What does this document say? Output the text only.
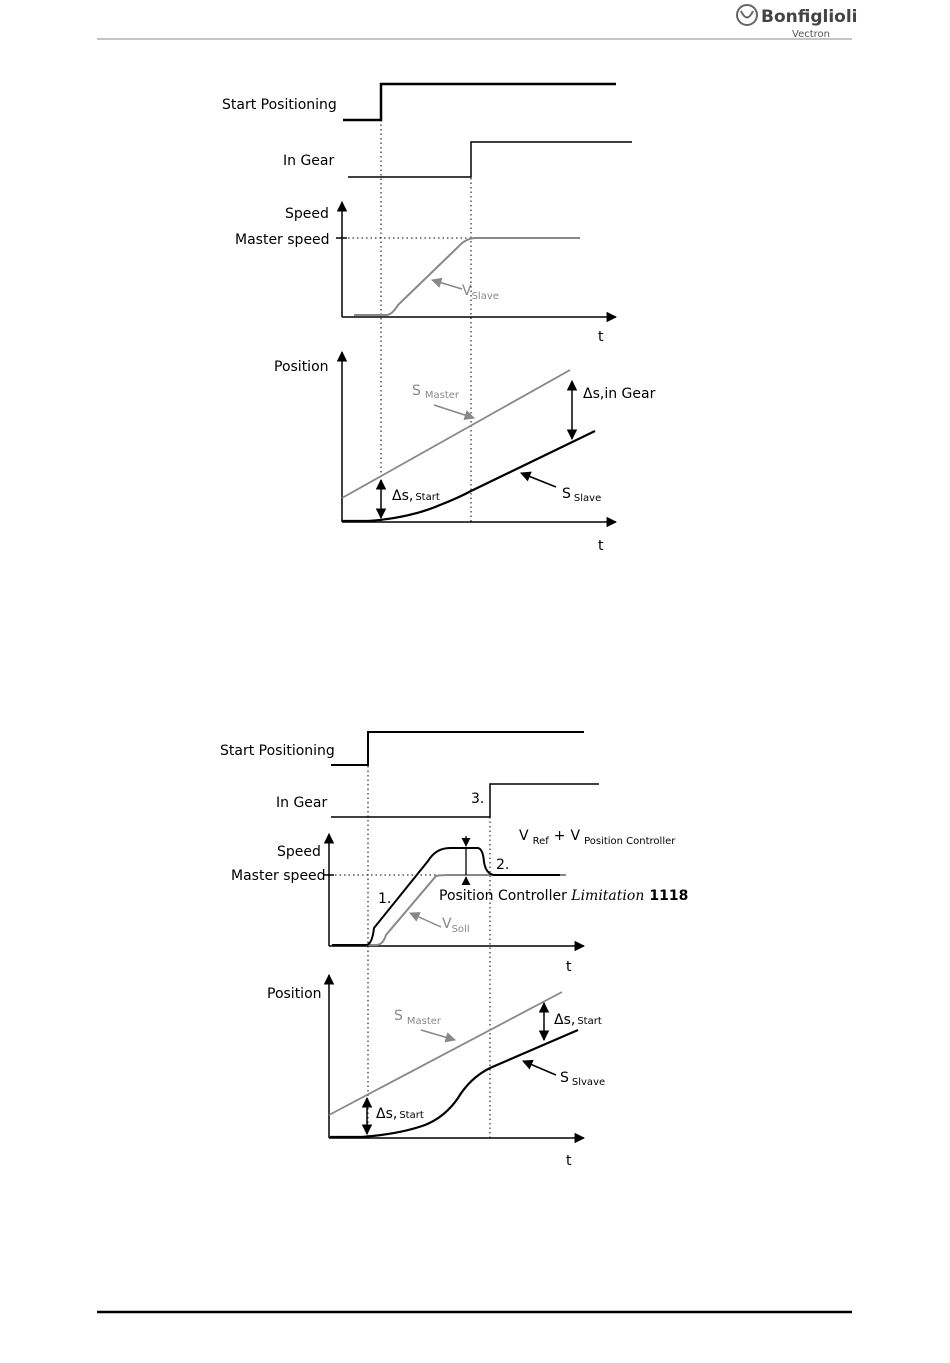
Bonfiglioli
Vectron
Start Positioning
In Gear
Speed
Master speed
$V_{Slave}$
t
Position
S $_{Master}$	Δs,in Gear
Δs, Start	S $_{Slave}$
t
Start Positioning
In Gear	3.
Speed
Master speed
1.
2.
V $_{Ref}$ + V $_{Position Controller}$
Position Controller Limitation 1118
$V_{Soll}$
t
Position
S $_{Master}$	Δs, Start
Δs, Start
S $_{Slvave}$
t
